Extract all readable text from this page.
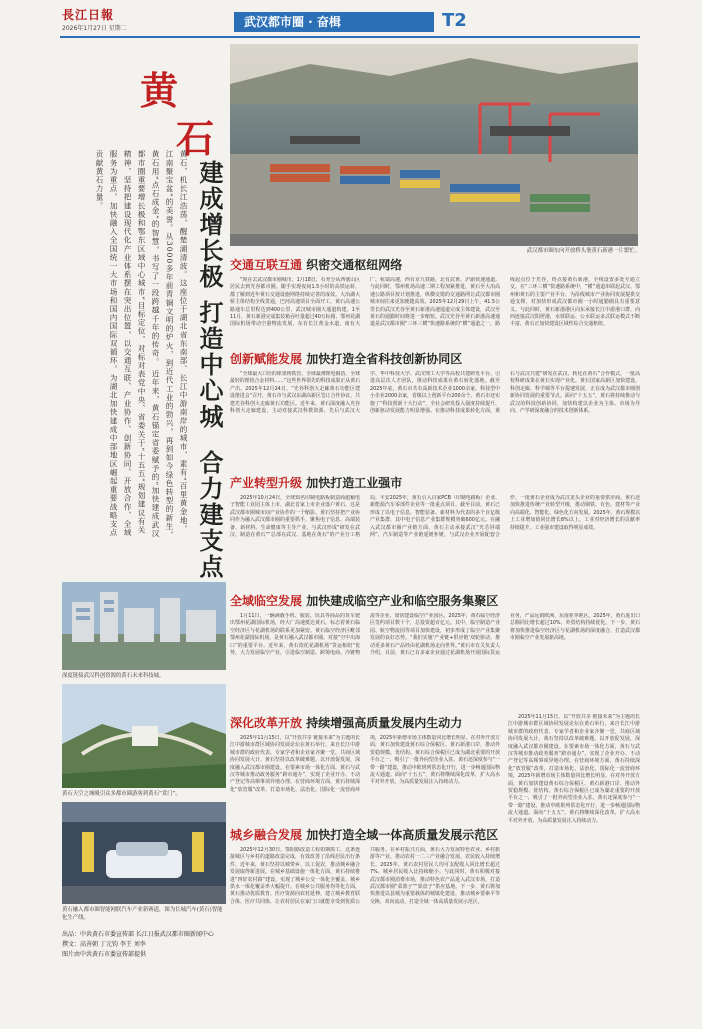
長江日報
2026年1月27日 星期二	武汉都市圈 · 奋楫	T2
黄
石
建成增长极
打造中心城
合力建支点
黄石，机长江浩荡，醒楚湖清波。这座位于湖北省东南部、长江中游南岸的城市，素有“百里黄金地，江南聚宝盆”的美誉。从3000多年前青铜文明的炉火，到近代工业的勃兴，再到如今绿色转型的新生，黄石用“点石成金”的智慧，书写了一段跨越千年的传奇。 近年来，黄石锚定省委赋予的“加快建成武汉都市圈重要增长极和鄂东区域中心城市”目标定位，对标对表党中央、省委关于“十五五”规划建议有关精神，坚持把建设现代化产业体系摆在突出位置，以交通互联、产业协作、创新协同、开放合作、全域服务为重点，加快融入全国统一大市场和国内国际双循环，为湖北加快建成中部地区崛起重要战略支点贡献黄石力量。
武汉都市圈东向开放桥头堡黄石新港一片繁忙。
深度链接武汉科创资源的黄石未来科技城。
黄石天空之城吸引众多都市圈游客到黄石“赏门”。
黄石融入都市圈智能网联汽车产业新赛道，图为长城汽车(黄石)智能化生产线。
出品：中共黄石市委宣传部 长江日报武汉都市圈新闻中心
撰文：高善朝 丁元钧 李王 刘李
图片由中共黄石市委宣传部提供
交通互联互通 织密交通枢纽网络
“现在去武汉都市圈城市，1月18日，石充分从西塞山区居民去到光谷都市圈。随手实现夜间1.5小时的高铁运转，都了解到近年黄石交通设施网络持续完善的成效。大冶湖大桥主体结构全线贯通，巴河高速项目全面开工，黄石高速公路通车总里程达到400公里，武汉城市圈大通道构建。1至11月，黄石新港完成集装箱吞吐量超过40万标箱，鄂州花湖国际机场带动空港物流发展，东有长江黄金水道，南有大广、杭瑞高速，西有京九铁路，北有武黄、沪渝快速通道。与此同时，鄂州机场高速二期工程加紧推进，黄石至大冶高速公路项目按计划推进，纵横交错的交通路网让武汉都市圈城市间往来更加便捷高效。2025年12月29日上午，41.5公里长的武汉光谷至黄石新港高速通道完成主体建设，武汉至黄石的通勤时间将进一步缩短。武汉光谷至黄石新港高速通道是武汉都市圈“三环三横”快速路系统的“横”通道之一，路线起点位于光谷，终点接黄石新港，全线设置多处互通立交。在“三环三横”快速路系统中，“横”通道串联起武汉、鄂州和黄石的主要产业平台，为沿线城市产业协同发展提供交通支撑，对加快形成武汉都市圈一小时通勤圈具有重要意义。与此同时，黄石新港港区向东承接长江中游港口群，向西连接武汉阳逻港，水铁联运、公水联运多式联运模式不断丰富，黄石正加快建设区域性综合交通枢纽。
创新赋能发展 加快打造全省科技创新协同区
“全球最大口径的球墨铸铁管，全球最薄锂电铜箔，全球最轻的锂铝合金材料……”这些世界领先的科技成果正从黄石产出。2025年12月24日，“光谷科创大走廊黄石功能区建设推进会”召开，黄石市与武汉东湖高新区签订合作协议，共建光谷科创大走廊黄石功能区。近年来，黄石深度融入光谷科创大走廊建设，主动对接武汉科教资源，先后与武汉大学、华中科技大学、武汉理工大学等高校共建研发平台，引进高层次人才团队，推动科技成果在黄石转化落地。截至2025年底，黄石市共有高新技术企业1000余家，科技型中小企业2000余家，省级以上创新平台200余个。黄石市还实施了“科技创新十大行动”，全社会研发投入强度持续提升，创新驱动发展能力明显增强。在推动科技成果转化方面，黄石与武汉共建“研发在武汉、转化在黄石”合作模式，一批高校科研成果在黄石实现产业化。黄石国家高新区加快建设，科创走廊、科学城等平台提速发展，正在成为武汉都市圈创新协同发展的重要节点。面向“十五五”，黄石将持续推动与武汉的科技创新协同，加快构建以企业为主体、市场为导向、产学研深度融合的技术创新体系。
产业转型升级 加快打造工业强市
2025年10月24日，全球知名印制电路板制造商超颖电子智能工业园主体上市，湖北首家上市企业落户黄石，这是武汉都市圈城市间产业协作的一个缩影。黄石坚持把产业协同作为融入武汉都市圈的重要抓手，聚焦电子信息、高端装备、新材料、生命健康等主导产业，与武汉形成“研发在武汉、制造在黄石”“总部在武汉、基地在黄石”的产业分工格局。平安2025年，黄石引入百家PCB（印制电路板）企业、新能源汽车零部件企业等一批重点项目。截至目前，黄石已形成了以电子信息、智能装备、新材料为代表的多个百亿级产业集群，其中电子信息产业集群规模突破600亿元。在融入武汉都市圈产业链方面，黄石主动承接武汉“光芯屏端网”、汽车制造等产业链延链补链，与武汉企业开展配套合作，一批黄石企业成为武汉龙头企业的重要供应商。黄石还加快推进传统产业转型升级，推动钢铁、有色、建材等产业向高端化、智能化、绿色化方向发展。2025年，黄石规模以上工业增加值同比增长8%以上，工业对经济增长的贡献率持续提升，工业强市建设取得明显成效。
全域临空发展 加快建成临空产业和临空服务集聚区
1月11日，一辆满载手机、服装、玩具等商品的货车驶出鄂州花湖国际机场，经大广高速抵达黄石，标志着黄石临空经济区与花湖机场的联系更加紧密。黄石临空经济区毗邻鄂州花湖国际机场，是黄石融入武汉都市圈、对接“空中出海口”的重要平台。近年来，黄石依托花湖机场“货运枢纽”优势，大力发展临空产业，引进临空制造、跨境电商、冷链物流等企业，加快建设临空产业园区。2025年，黄石临空经济区签约项目数十个，总投资超百亿元。其中，临空制造产业园、航空物流园等项目加快建设，初步形成了临空产业集聚发展的良好态势。“我们实施‘产业链+供应链’双轮驱动，推动更多黄石产品经由花湖机场走向世界。”黄石市有关负责人介绍。目前，黄石已有多家企业通过花湖机场开展国际货运业务，产品远销欧洲、东南亚等地区。2025年，黄石进出口总额同比增长超过10%，外贸结构持续优化。下一步，黄石将加快推进临空经济区与花湖机场的深度融合，打造武汉都市圈临空产业发展新高地。
深化改革开放 持续增强高质量发展内生动力
2025年11月15日，以“开放共享 链接未来”为主题的长江中游城市群区域协同发展论坛在黄石举行，来自长江中游城市群的政府代表、专家学者和企业家齐聚一堂，共商区域协同发展大计。黄石坚持以改革破难题、以开放促发展，深度融入武汉都市圈建设。在要素市场一体化方面，黄石与武汉等城市推动政务服务“跨市通办”，实现了企业开办、不动产登记等高频事项异地办理。在营商环境方面，黄石持续深化“放管服”改革，打造市场化、法治化、国际化一流营商环境，2025年新增市场主体数量同比增长明显。在对外开放方面，黄石加快建设黄石综合保税区、黄石新港口岸，推动外贸稳规模、优结构。黄石综合保税区已成为湖北重要的开放平台之一，吸引了一批外向型企业入驻。黄石还深度参与“一带一路”建设，推动中欧班列常态化开行，进一步畅通国际物流大通道。面向“十五五”，黄石将继续深化改革，扩大高水平对外开放，为高质量发展注入持续动力。
城乡融合发展 加快打造全域一体高质量发展示范区
2025年12月30日，鄂阳路改造工程如期竣工，这条连接城区与乡村的道路改造完成，有效改善了沿线居民出行条件。近年来，黄石坚持以城带乡、以工促农，推动城乡融合发展取得新进展。在城乡基础设施一体化方面，黄石持续推进“四好农村路”建设，实现了城乡公交一体化全覆盖，城乡供水一体化覆盖率大幅提升。在城乡公共服务均等化方面，黄石推动优质教育、医疗资源向农村延伸，建立城乡教育联合体、医疗共同体，让农村居民在家门口就能享受到优质公共服务。在乡村振兴方面，黄石大力发展特色农业、乡村旅游等产业，推动农村一二三产业融合发展，农民收入持续增长。2025年，黄石农村居民人均可支配收入同比增长超过7%，城乡居民收入比持续缩小。与此同时，黄石积极对接武汉都市圈消费市场，推动特色农产品进入武汉市场，打造武汉都市圈“菜篮子”“果盘子”供应基地。下一步，黄石将加快推进以县城为重要载体的城镇化建设，推动城乡要素平等交换、双向流动，打造全域一体高质量发展示范区。
2025年11月15日，以“开放共享 链接未来”为主题的长江中游城市群区域协同发展论坛在黄石举行，来自长江中游城市群的政府代表、专家学者和企业家齐聚一堂，共商区域协同发展大计。黄石坚持以改革破难题、以开放促发展，深度融入武汉都市圈建设。在要素市场一体化方面，黄石与武汉等城市推动政务服务“跨市通办”，实现了企业开办、不动产登记等高频事项异地办理。在营商环境方面，黄石持续深化“放管服”改革，打造市场化、法治化、国际化一流营商环境，2025年新增市场主体数量同比增长明显。在对外开放方面，黄石加快建设黄石综合保税区、黄石新港口岸，推动外贸稳规模、优结构。黄石综合保税区已成为湖北重要的开放平台之一，吸引了一批外向型企业入驻。黄石还深度参与“一带一路”建设，推动中欧班列常态化开行，进一步畅通国际物流大通道。面向“十五五”，黄石将继续深化改革，扩大高水平对外开放，为高质量发展注入持续动力。
